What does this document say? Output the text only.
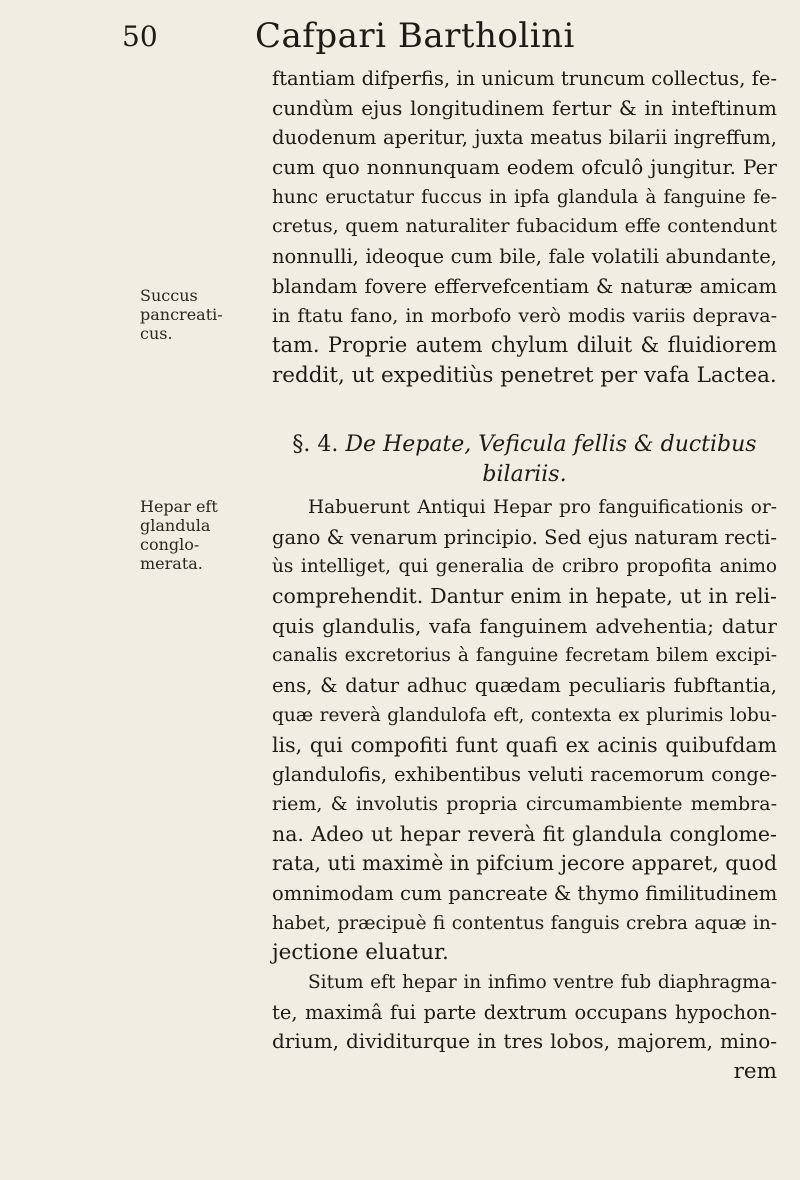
50	Cafpari Bartholini
Succus
pancreati-
cus.
Hepar eft
glandula
conglo-
merata.
ftantiam difperfis, in unicum truncum collectus, fe-
cundùm ejus longitudinem fertur & in inteftinum
duodenum aperitur, juxta meatus bilarii ingreffum,
cum quo nonnunquam eodem ofculô jungitur. Per
hunc eructatur fuccus in ipfa glandula à fanguine fe-
cretus, quem naturaliter fubacidum effe contendunt
nonnulli, ideoque cum bile, fale volatili abundante,
blandam fovere effervefcentiam & naturæ amicam
in ftatu fano, in morbofo verò modis variis deprava-
tam. Proprie autem chylum diluit & fluidiorem
reddit, ut expeditiùs penetret per vafa Lactea.
§. 4. De Hepate, Veficula fellis & ductibus
bilariis.
Habuerunt Antiqui Hepar pro fanguificationis or-
gano & venarum principio. Sed ejus naturam recti-
ùs intelliget, qui generalia de cribro propofita animo
comprehendit. Dantur enim in hepate, ut in reli-
quis glandulis, vafa fanguinem advehentia; datur
canalis excretorius à fanguine fecretam bilem excipi-
ens, & datur adhuc quædam peculiaris fubftantia,
quæ reverà glandulofa eft, contexta ex plurimis lobu-
lis, qui compofiti funt quafi ex acinis quibufdam
glandulofis, exhibentibus veluti racemorum conge-
riem, & involutis propria circumambiente membra-
na. Adeo ut hepar reverà fit glandula conglome-
rata, uti maximè in pifcium jecore apparet, quod
omnimodam cum pancreate & thymo fimilitudinem
habet, præcipuè fi contentus fanguis crebra aquæ in-
jectione eluatur.
Situm eft hepar in infimo ventre fub diaphragma-
te, maximâ fui parte dextrum occupans hypochon-
drium, dividiturque in tres lobos, majorem, mino-
rem
